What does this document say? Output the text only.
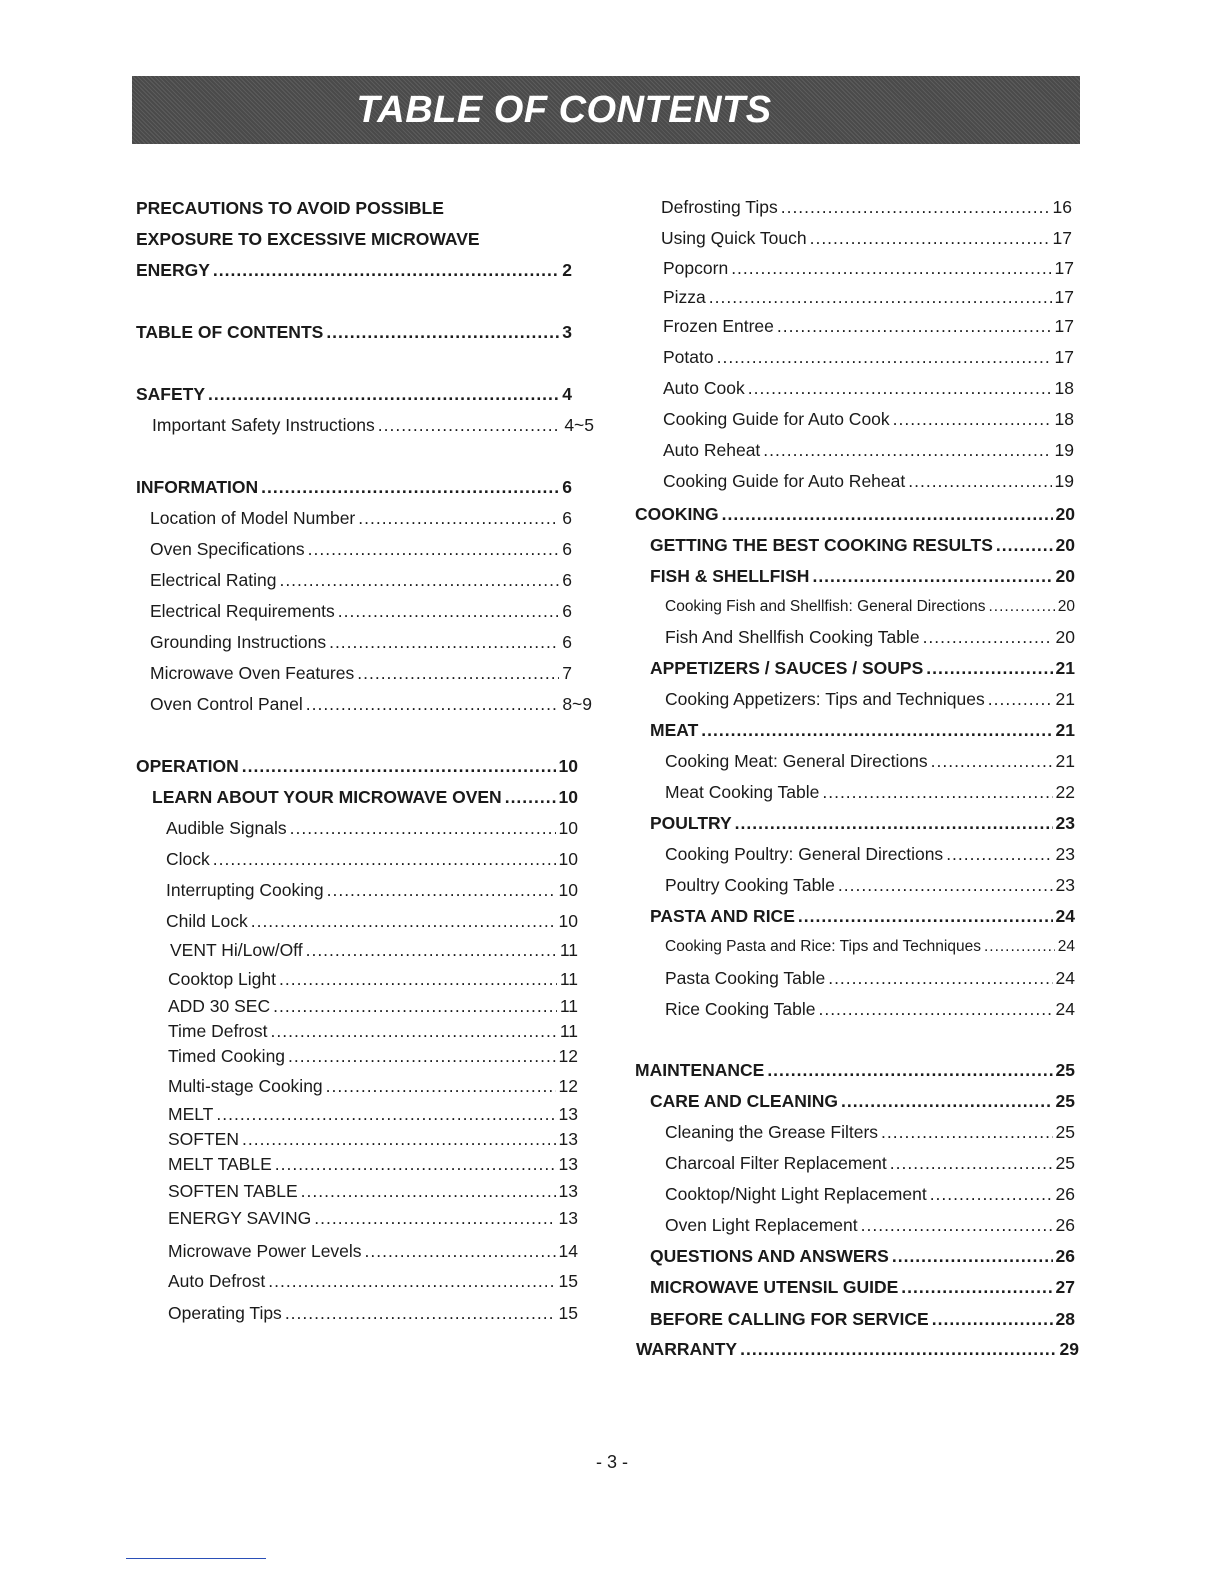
TABLE OF CONTENTS
PRECAUTIONS TO AVOID POSSIBLE
EXPOSURE TO EXCESSIVE MICROWAVE
ENERGY .....	2
TABLE OF CONTENTS .....	3
SAFETY .....	4
Important Safety Instructions .....	4~5
INFORMATION .....	6
Location of Model Number .....	6
Oven Specifications .....	6
Electrical Rating .....	6
Electrical Requirements .....	6
Grounding Instructions .....	6
Microwave Oven Features .....	7
Oven Control Panel .....	8~9
OPERATION .....	10
LEARN ABOUT YOUR MICROWAVE OVEN .....	10
Audible Signals .....	10
Clock .....	10
Interrupting Cooking .....	10
Child Lock .....	10
VENT Hi/Low/Off .....	11
Cooktop Light .....	11
ADD 30 SEC .....	11
Time Defrost .....	11
Timed Cooking .....	12
Multi-stage Cooking .....	12
MELT .....	13
SOFTEN .....	13
MELT TABLE .....	13
SOFTEN TABLE .....	13
ENERGY SAVING .....	13
Microwave Power Levels .....	14
Auto Defrost .....	15
Operating Tips .....	15
Defrosting Tips .....	16
Using Quick Touch .....	17
Popcorn .....	17
Pizza .....	17
Frozen Entree .....	17
Potato .....	17
Auto Cook .....	18
Cooking Guide for Auto Cook .....	18
Auto Reheat .....	19
Cooking Guide for Auto Reheat .....	19
COOKING .....	20
GETTING THE BEST COOKING RESULTS .....	20
FISH & SHELLFISH .....	20
Cooking Fish and Shellfish: General Directions .....	20
Fish And Shellfish Cooking Table .....	20
APPETIZERS / SAUCES / SOUPS .....	21
Cooking Appetizers: Tips and Techniques .....	21
MEAT .....	21
Cooking Meat: General Directions .....	21
Meat Cooking Table .....	22
POULTRY .....	23
Cooking Poultry: General Directions .....	23
Poultry Cooking Table .....	23
PASTA AND RICE .....	24
Cooking Pasta and Rice: Tips and Techniques .....	24
Pasta Cooking Table .....	24
Rice Cooking Table .....	24
MAINTENANCE .....	25
CARE AND CLEANING .....	25
Cleaning the Grease Filters .....	25
Charcoal Filter Replacement .....	25
Cooktop/Night Light Replacement .....	26
Oven Light Replacement .....	26
QUESTIONS AND ANSWERS .....	26
MICROWAVE UTENSIL GUIDE .....	27
BEFORE CALLING FOR SERVICE .....	28
WARRANTY .....	29
- 3 -
